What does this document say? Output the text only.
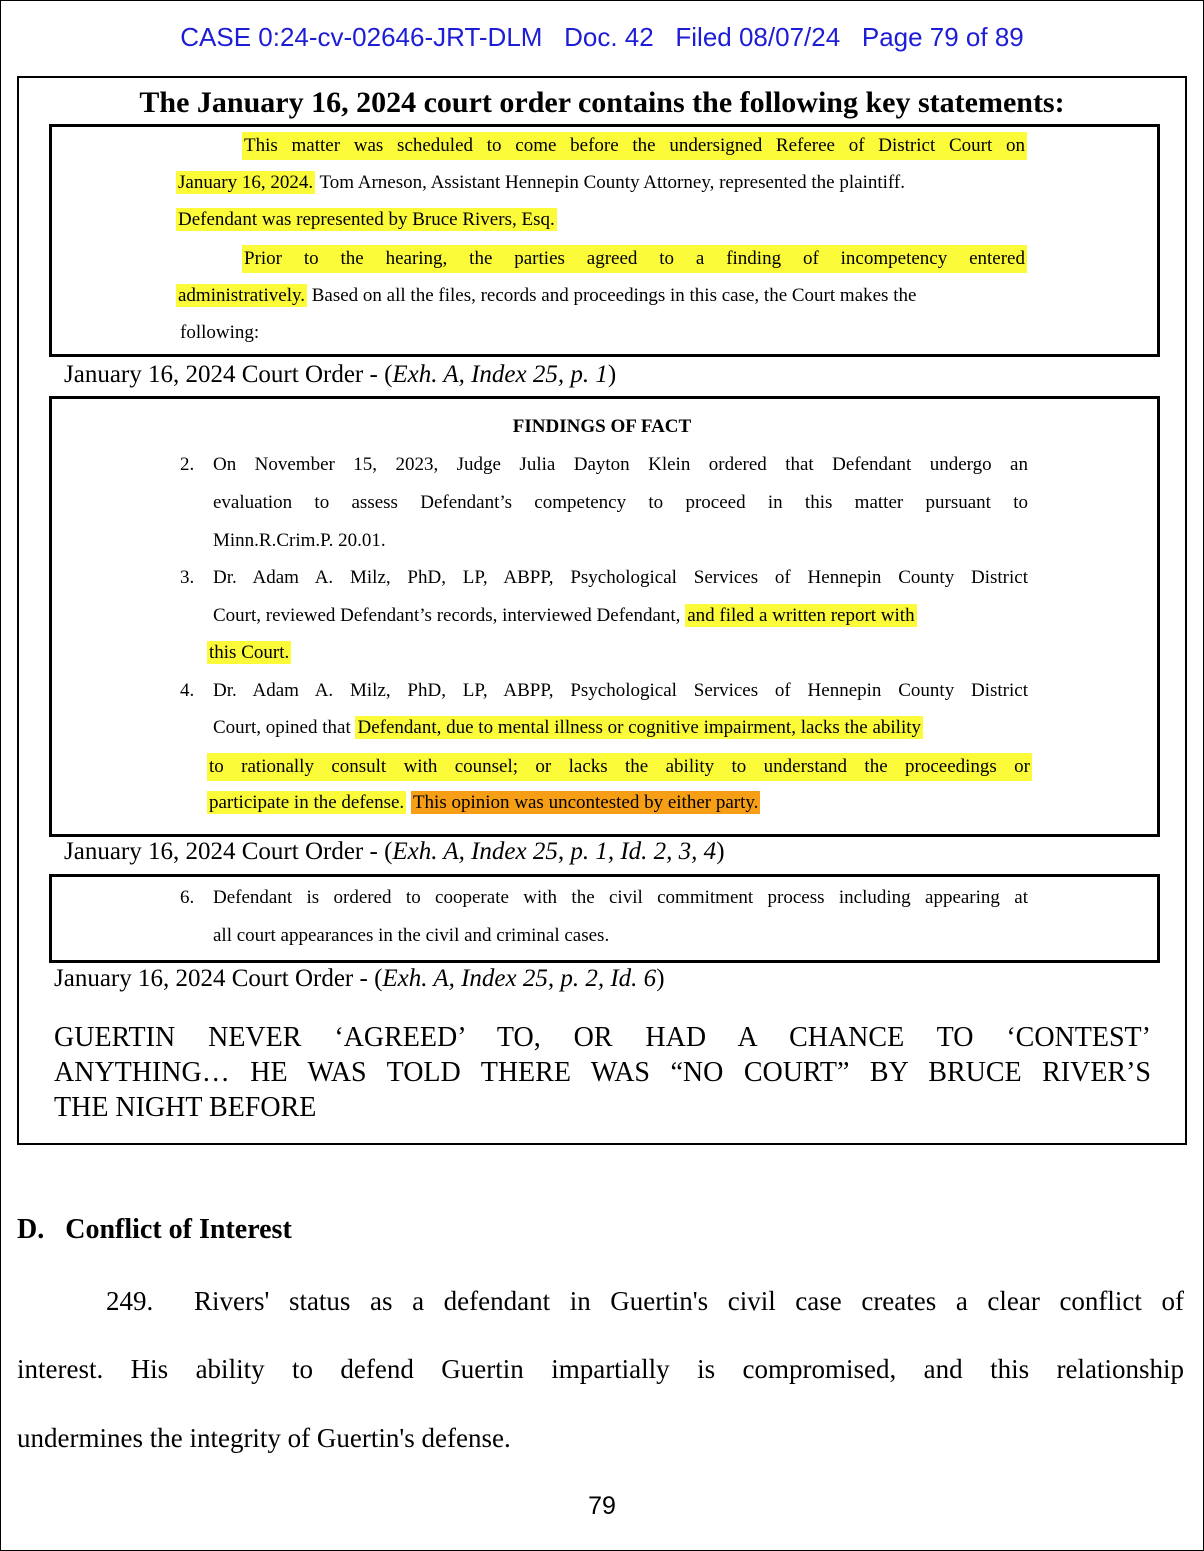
CASE 0:24-cv-02646-JRT-DLM   Doc. 42   Filed 08/07/24   Page 79 of 89
The January 16, 2024 court order contains the following key statements:
This matter was scheduled to come before the undersigned Referee of District Court on
January 16, 2024. Tom Arneson, Assistant Hennepin County Attorney, represented the plaintiff.
Defendant was represented by Bruce Rivers, Esq.
Prior to the hearing, the parties agreed to a finding of incompetency entered
administratively. Based on all the files, records and proceedings in this case, the Court makes the
following:
January 16, 2024 Court Order - (Exh. A, Index 25, p. 1)
FINDINGS OF FACT
2. On November 15, 2023, Judge Julia Dayton Klein ordered that Defendant undergo an
evaluation to assess Defendant’s competency to proceed in this matter pursuant to
Minn.R.Crim.P. 20.01.
3. Dr. Adam A. Milz, PhD, LP, ABPP, Psychological Services of Hennepin County District
Court, reviewed Defendant’s records, interviewed Defendant, and filed a written report with
this Court.
4. Dr. Adam A. Milz, PhD, LP, ABPP, Psychological Services of Hennepin County District
Court, opined that Defendant, due to mental illness or cognitive impairment, lacks the ability
to rationally consult with counsel; or lacks the ability to understand the proceedings or
participate in the defense. This opinion was uncontested by either party.
January 16, 2024 Court Order - (Exh. A, Index 25, p. 1, Id. 2, 3, 4)
6. Defendant is ordered to cooperate with the civil commitment process including appearing at
all court appearances in the civil and criminal cases.
January 16, 2024 Court Order - (Exh. A, Index 25, p. 2, Id. 6)
GUERTIN NEVER ‘AGREED’ TO, OR HAD A CHANCE TO ‘CONTEST’
ANYTHING… HE WAS TOLD THERE WAS “NO COURT” BY BRUCE RIVER’S
THE NIGHT BEFORE
D. Conflict of Interest
249. Rivers' status as a defendant in Guertin's civil case creates a clear conflict of
interest. His ability to defend Guertin impartially is compromised, and this relationship
undermines the integrity of Guertin's defense.
79
